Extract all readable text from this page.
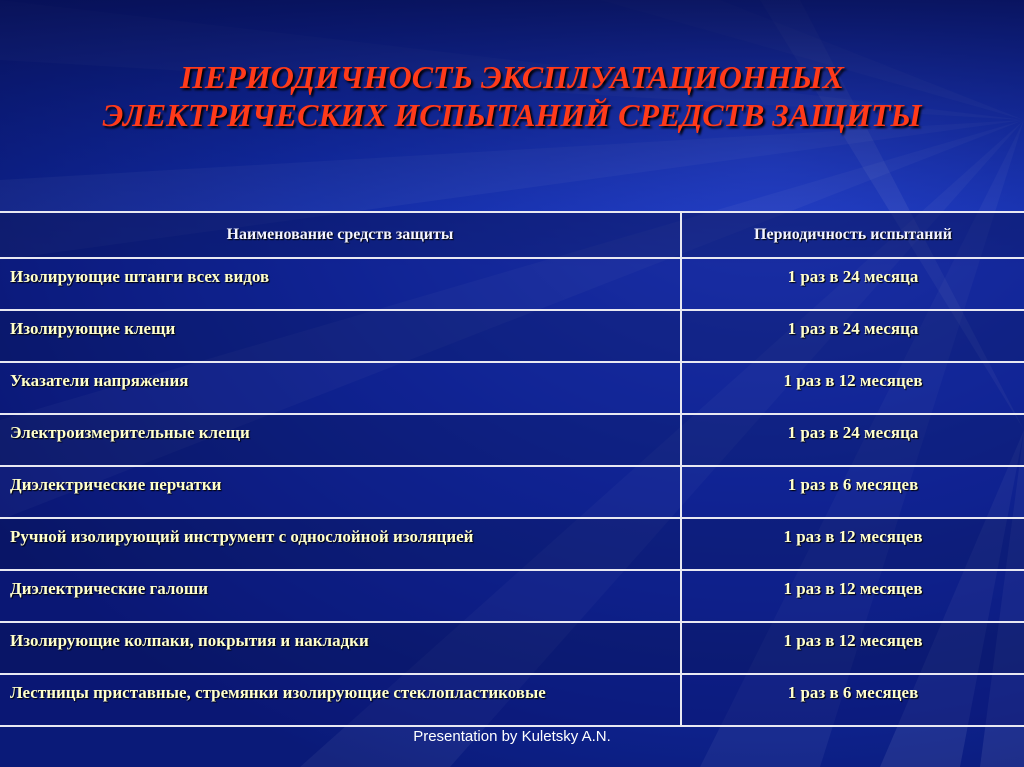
ПЕРИОДИЧНОСТЬ ЭКСПЛУАТАЦИОННЫХ
ЭЛЕКТРИЧЕСКИХ ИСПЫТАНИЙ СРЕДСТВ ЗАЩИТЫ
Наименование средств защиты	Периодичность испытаний
Изолирующие штанги всех видов	1 раз в 24 месяца
Изолирующие клещи	1 раз в 24 месяца
Указатели напряжения	1 раз в 12 месяцев
Электроизмерительные клещи	1 раз в 24 месяца
Диэлектрические перчатки	1 раз в 6 месяцев
Ручной изолирующий инструмент с однослойной изоляцией	1 раз в 12 месяцев
Диэлектрические галоши	1 раз в 12 месяцев
Изолирующие колпаки, покрытия и накладки	1 раз в 12 месяцев
Лестницы приставные, стремянки изолирующие стеклопластиковые	1 раз в 6 месяцев
Presentation by Kuletsky A.N.
